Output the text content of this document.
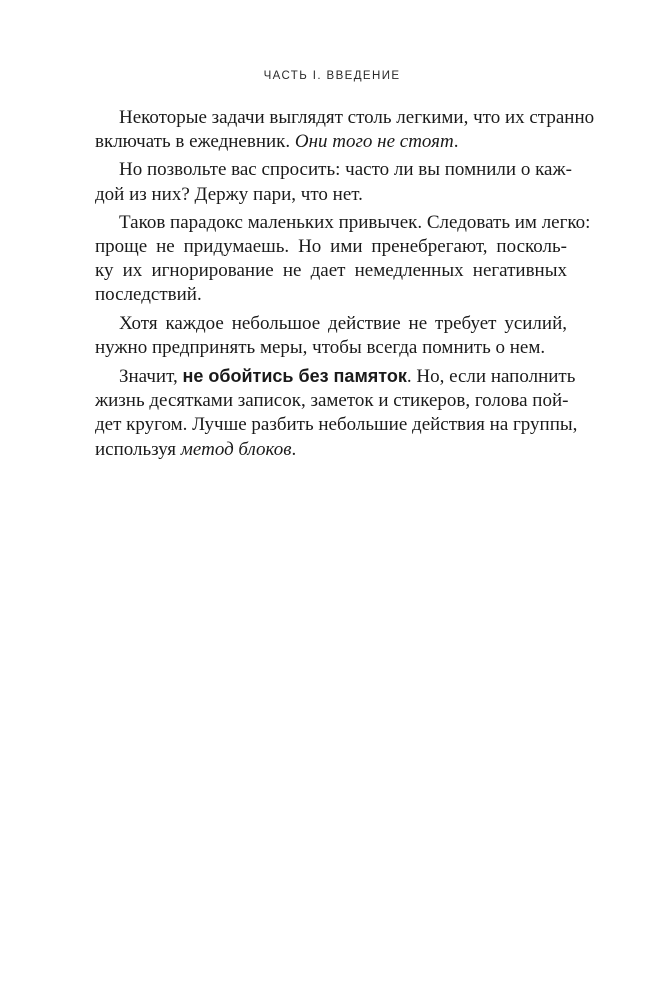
ЧАСТЬ I. ВВЕДЕНИЕ
Некоторые задачи выглядят столь легкими, что их странно
включать в ежедневник. Они того не стоят.
Но позвольте вас спросить: часто ли вы помнили о каж-
дой из них? Держу пари, что нет.
Таков парадокс маленьких привычек. Следовать им легко:
проще не придумаешь. Но ими пренебрегают, посколь-
ку их игнорирование не дает немедленных негативных
последствий.
Хотя каждое небольшое действие не требует усилий,
нужно предпринять меры, чтобы всегда помнить о нем.
Значит, не обойтись без памяток. Но, если наполнить
жизнь десятками записок, заметок и стикеров, голова пой-
дет кругом. Лучше разбить небольшие действия на группы,
используя метод блоков.
